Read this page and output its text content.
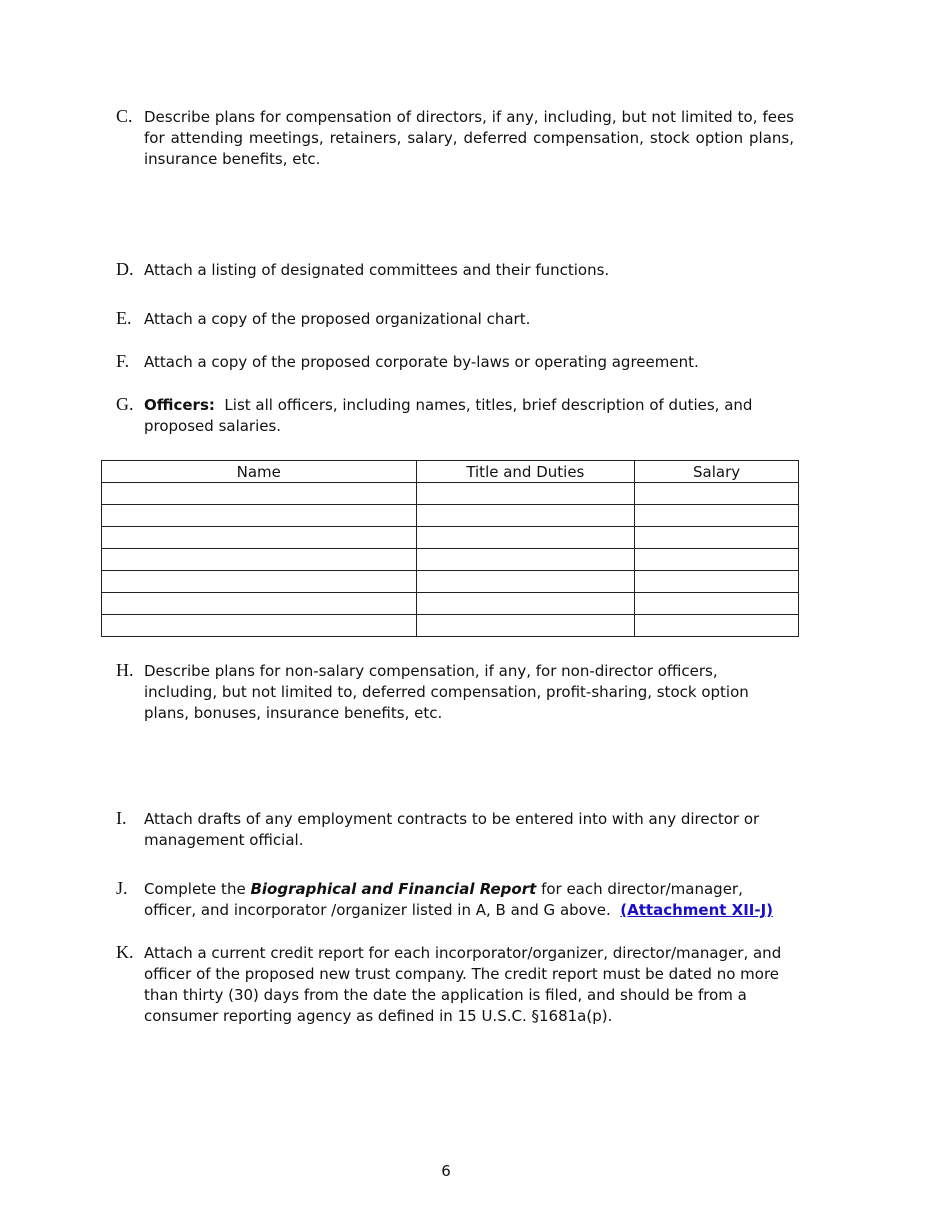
C. Describe plans for compensation of directors, if any, including, but not limited to, fees for attending meetings, retainers, salary, deferred compensation, stock option plans, insurance benefits, etc.
D. Attach a listing of designated committees and their functions.
E. Attach a copy of the proposed organizational chart.
F. Attach a copy of the proposed corporate by-laws or operating agreement.
G. Officers: List all officers, including names, titles, brief description of duties, and proposed salaries.
Name	Title and Duties	Salary

H. Describe plans for non-salary compensation, if any, for non-director officers, including, but not limited to, deferred compensation, profit-sharing, stock option plans, bonuses, insurance benefits, etc.
I.	Attach drafts of any employment contracts to be entered into with any director or management official.
J.	Complete the Biographical and Financial Report for each director/manager, officer, and incorporator /organizer listed in A, B and G above. (Attachment XII-J)
K. Attach a current credit report for each incorporator/organizer, director/manager, and officer of the proposed new trust company. The credit report must be dated no more than thirty (30) days from the date the application is filed, and should be from a consumer reporting agency as defined in 15 U.S.C. §1681a(p).
6
